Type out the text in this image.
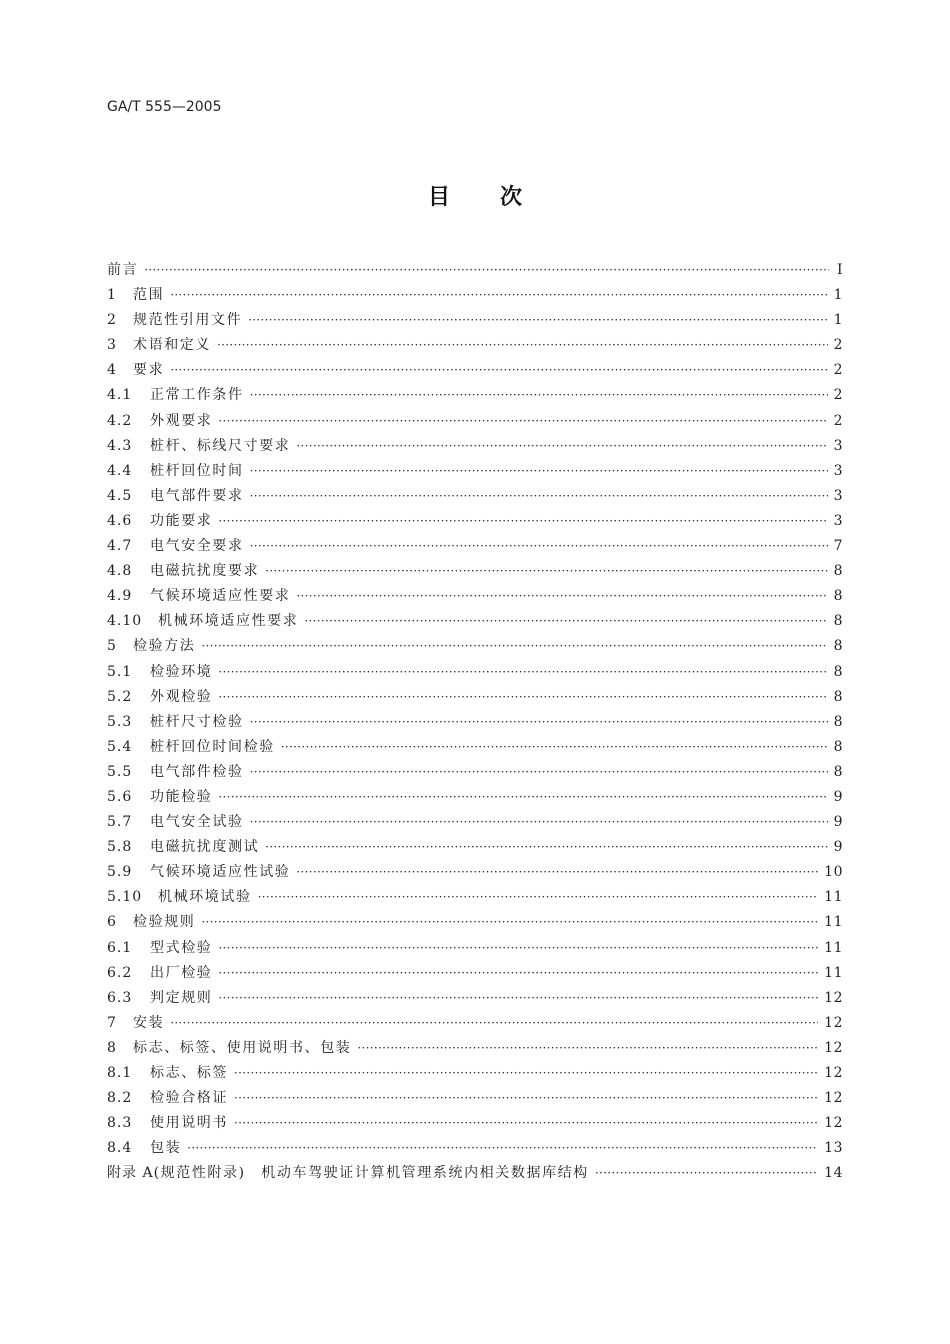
GA/T 555—2005
目次
前言 ·····	I
1	范围 ·····	1
2	规范性引用文件 ·····	1
3	术语和定义 ·····	2
4	要求 ·····	2
4.1	正常工作条件 ·····	2
4.2	外观要求 ·····	2
4.3	桩杆、标线尺寸要求 ·····	3
4.4	桩杆回位时间 ·····	3
4.5	电气部件要求 ·····	3
4.6	功能要求 ·····	3
4.7	电气安全要求 ·····	7
4.8	电磁抗扰度要求 ·····	8
4.9	气候环境适应性要求 ·····	8
4.10	机械环境适应性要求 ·····	8
5	检验方法 ·····	8
5.1	检验环境 ·····	8
5.2	外观检验 ·····	8
5.3	桩杆尺寸检验 ·····	8
5.4	桩杆回位时间检验 ·····	8
5.5	电气部件检验 ·····	8
5.6	功能检验 ·····	9
5.7	电气安全试验 ·····	9
5.8	电磁抗扰度测试 ·····	9
5.9	气候环境适应性试验 ·····	10
5.10	机械环境试验 ·····	11
6	检验规则 ·····	11
6.1	型式检验 ·····	11
6.2	出厂检验 ·····	11
6.3	判定规则 ·····	12
7	安装 ·····	12
8	标志、标签、使用说明书、包装 ·····	12
8.1	标志、标签 ·····	12
8.2	检验合格证 ·····	12
8.3	使用说明书 ·····	12
8.4	包装 ·····	13
附录 A (规范性附录)　机动车驾驶证计算机管理系统内相关数据库结构 ·····	14
